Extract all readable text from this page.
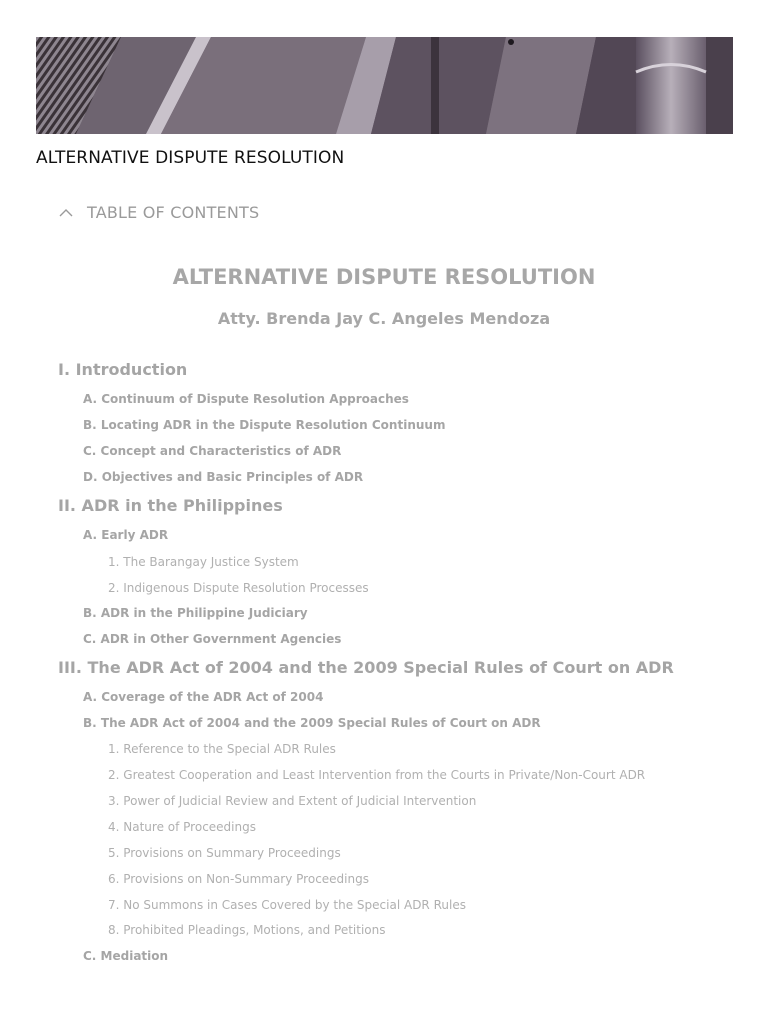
ALTERNATIVE DISPUTE RESOLUTION
TABLE OF CONTENTS
ALTERNATIVE DISPUTE RESOLUTION
Atty. Brenda Jay C. Angeles Mendoza
I. Introduction
A. Continuum of Dispute Resolution Approaches
B. Locating ADR in the Dispute Resolution Continuum
C. Concept and Characteristics of ADR
D. Objectives and Basic Principles of ADR
II. ADR in the Philippines
A. Early ADR
1. The Barangay Justice System
2. Indigenous Dispute Resolution Processes
B. ADR in the Philippine Judiciary
C. ADR in Other Government Agencies
III. The ADR Act of 2004 and the 2009 Special Rules of Court on ADR
A. Coverage of the ADR Act of 2004
B. The ADR Act of 2004 and the 2009 Special Rules of Court on ADR
1. Reference to the Special ADR Rules
2. Greatest Cooperation and Least Intervention from the Courts in Private/Non-Court ADR
3. Power of Judicial Review and Extent of Judicial Intervention
4. Nature of Proceedings
5. Provisions on Summary Proceedings
6. Provisions on Non-Summary Proceedings
7. No Summons in Cases Covered by the Special ADR Rules
8. Prohibited Pleadings, Motions, and Petitions
C. Mediation
